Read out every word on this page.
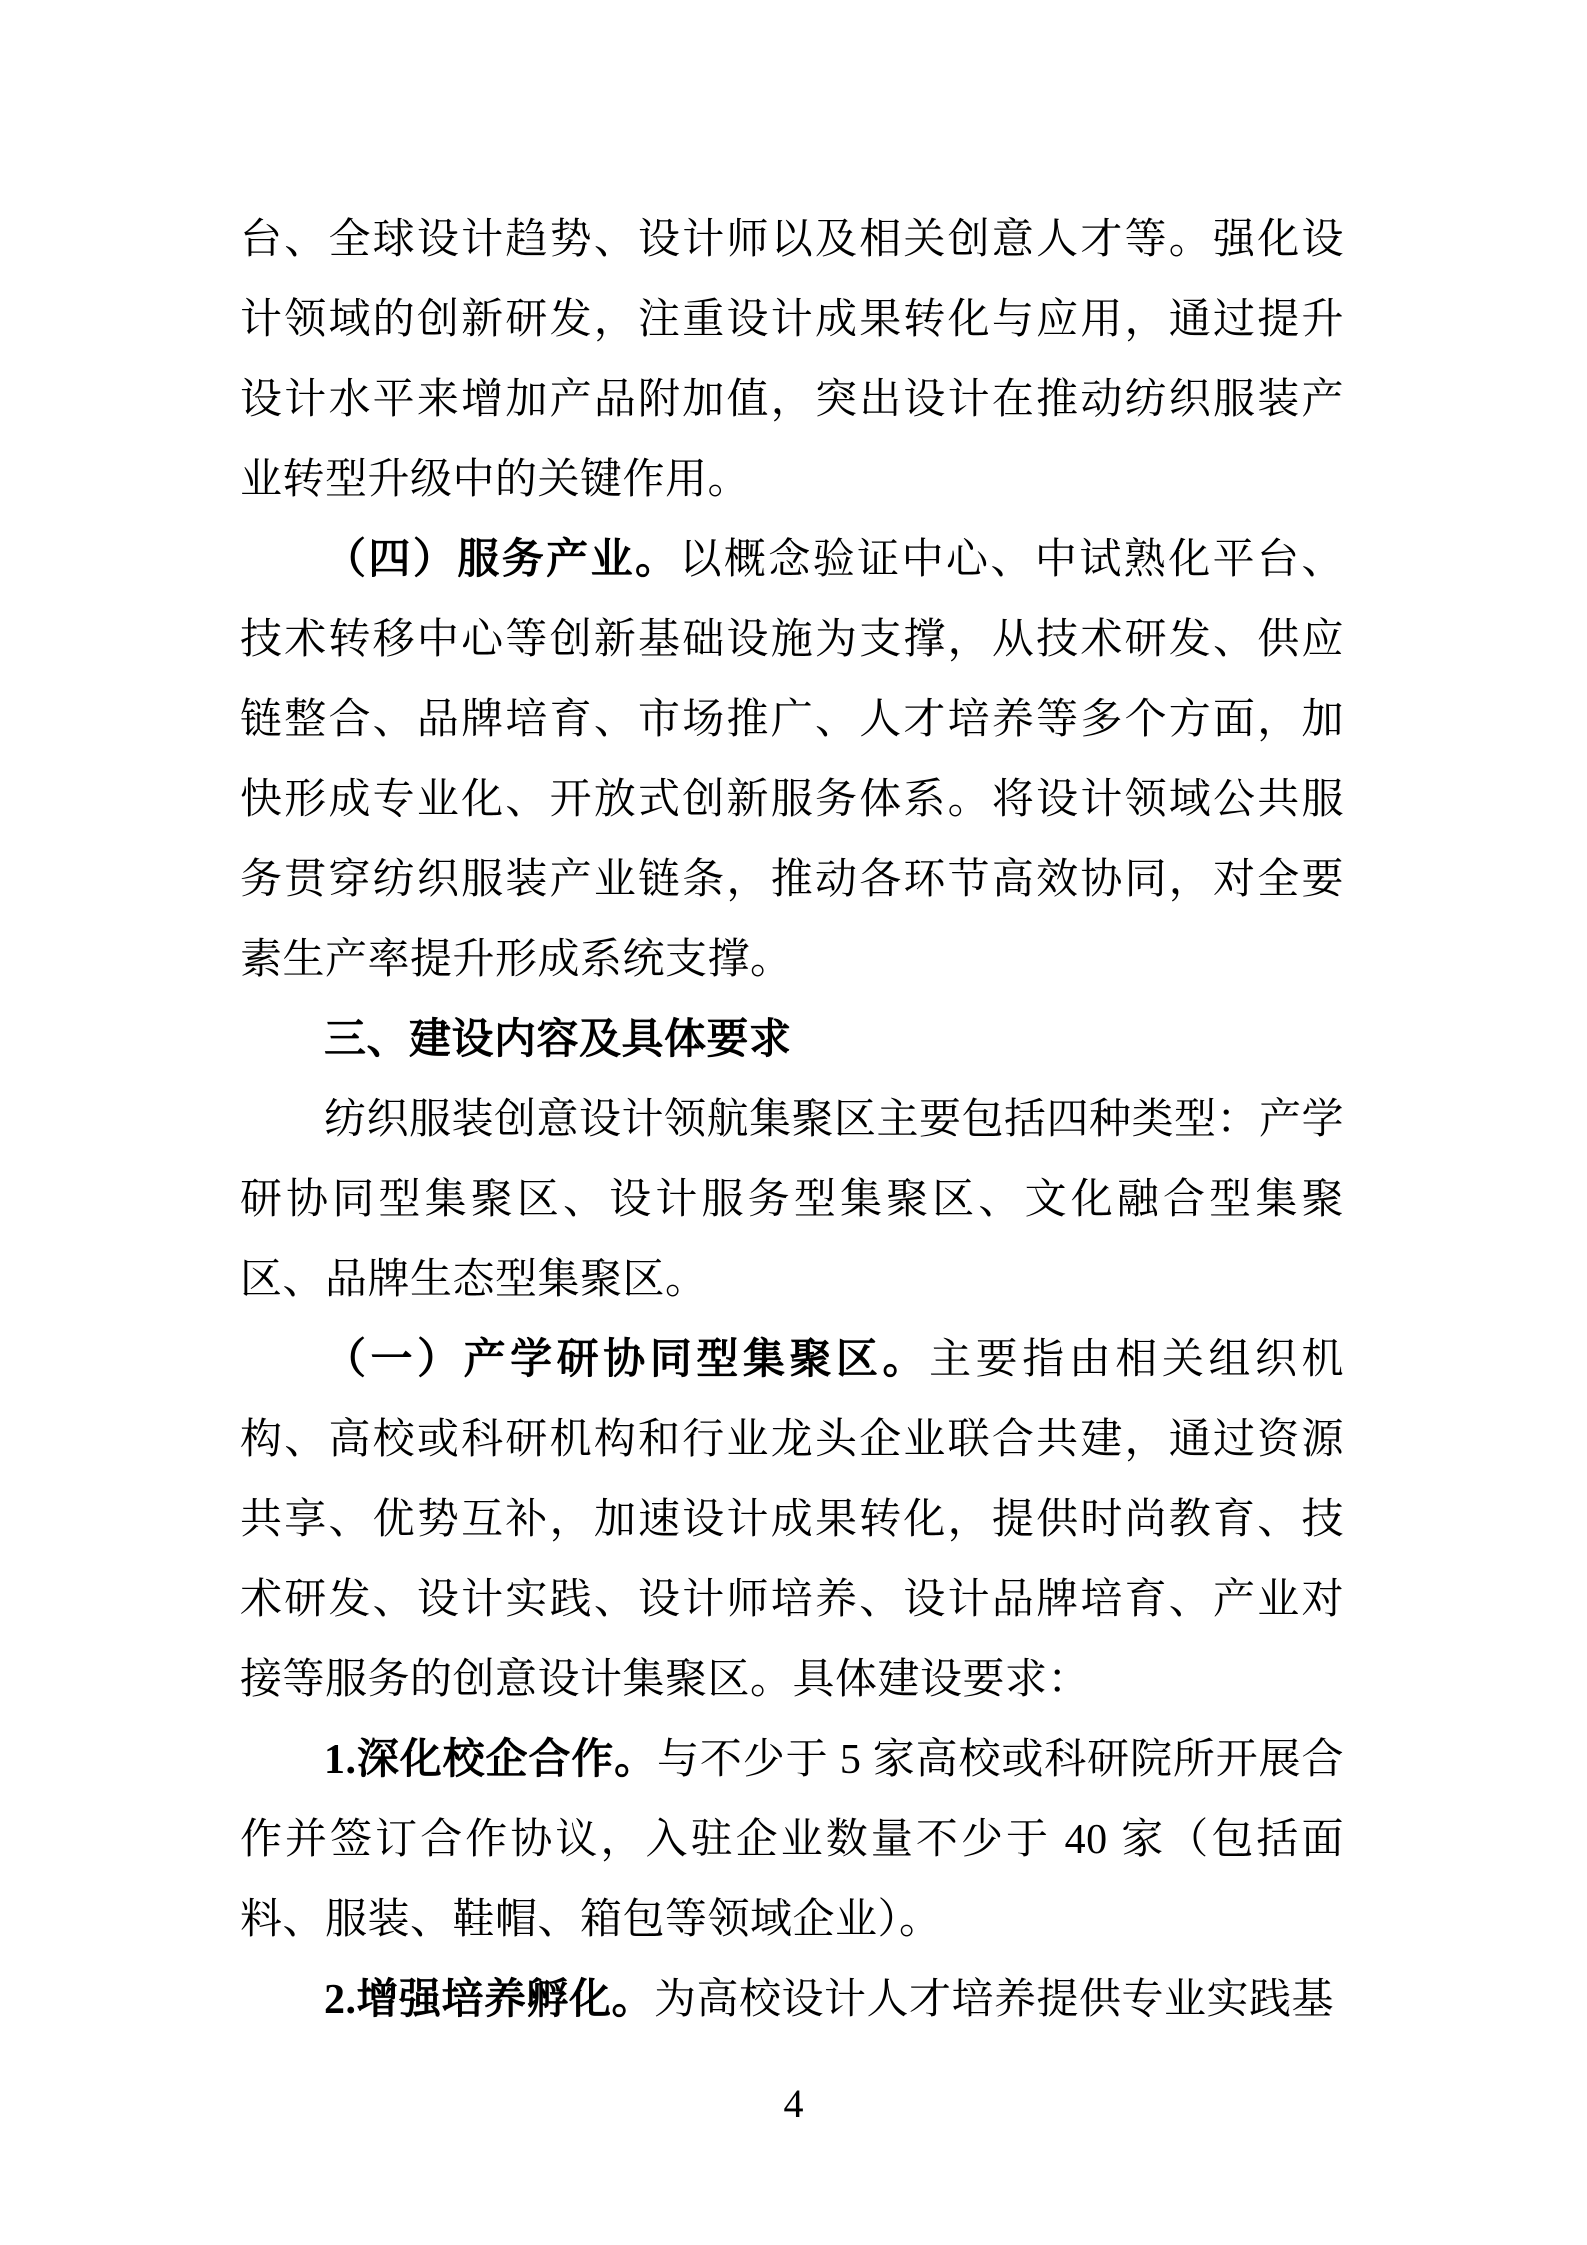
台、全球设计趋势、设计师以及相关创意人才等。强化设计领域的创新研发，注重设计成果转化与应用，通过提升设计水平来增加产品附加值，突出设计在推动纺织服装产业转型升级中的关键作用。

（四）服务产业。以概念验证中心、中试熟化平台、技术转移中心等创新基础设施为支撑，从技术研发、供应链整合、品牌培育、市场推广、人才培养等多个方面，加快形成专业化、开放式创新服务体系。将设计领域公共服务贯穿纺织服装产业链条，推动各环节高效协同，对全要素生产率提升形成系统支撑。

三、建设内容及具体要求

纺织服装创意设计领航集聚区主要包括四种类型：产学研协同型集聚区、设计服务型集聚区、文化融合型集聚区、品牌生态型集聚区。

（一）产学研协同型集聚区。主要指由相关组织机构、高校或科研机构和行业龙头企业联合共建，通过资源共享、优势互补，加速设计成果转化，提供时尚教育、技术研发、设计实践、设计师培养、设计品牌培育、产业对接等服务的创意设计集聚区。具体建设要求：

1.深化校企合作。与不少于 5 家高校或科研院所开展合作并签订合作协议，入驻企业数量不少于 40 家（包括面料、服装、鞋帽、箱包等领域企业）。

2.增强培养孵化。为高校设计人才培养提供专业实践基

4
